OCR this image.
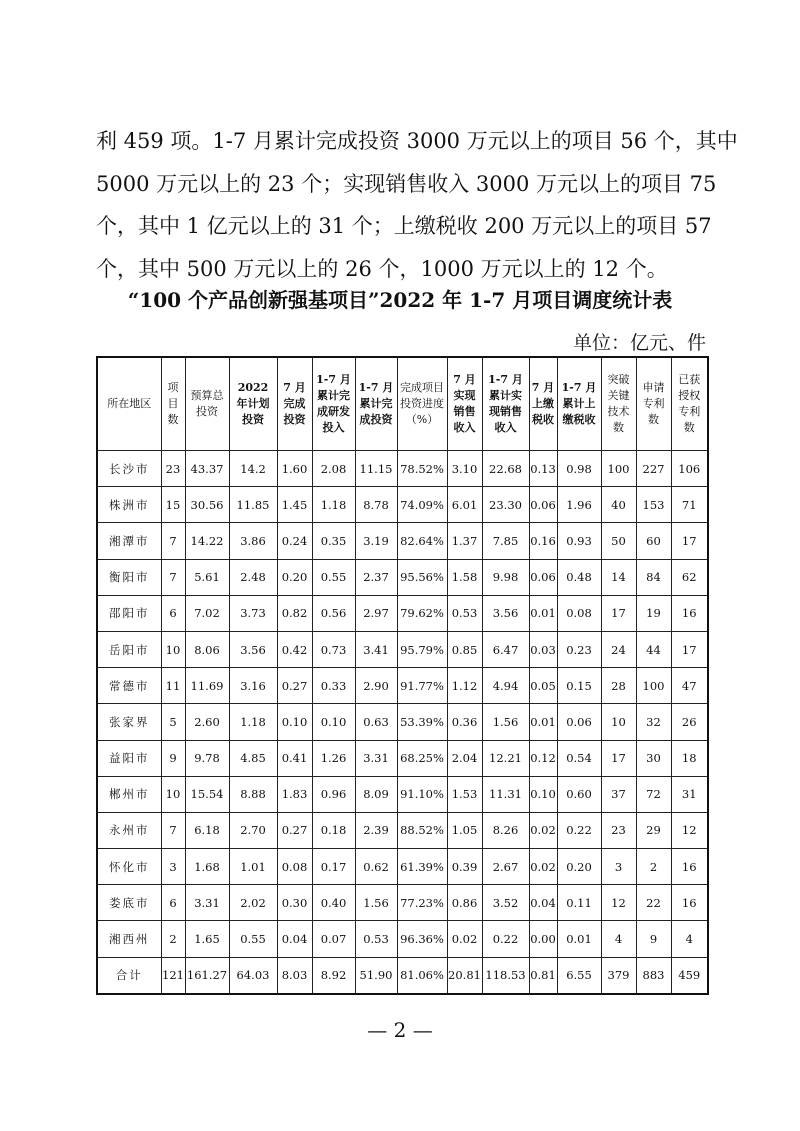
利 459 项。1-7 月累计完成投资 3000 万元以上的项目 56 个，其中

5000 万元以上的 23 个；实现销售收入 3000 万元以上的项目 75

个，其中 1 亿元以上的 31 个；上缴税收 200 万元以上的项目 57

个，其中 500 万元以上的 26 个，1000 万元以上的 12 个。

“100 个产品创新强基项目”2022 年 1-7 月项目调度统计表
单位：亿元、件
所在地区	项目数	预算总投资	2022 年计划投资	7 月完成投资	1-7 月累计完成研发投入	1-7 月累计完成投资	完成项目投资进度（%）	7 月实现销售收入	1-7 月累计实现销售收入	7 月上缴税收	1-7 月累计上缴税收	突破关键技术数	申请专利数	已获授权专利数
长沙市	23	43.37	14.2	1.60	2.08	11.15	78.52%	3.10	22.68	0.13	0.98	100	227	106
株洲市	15	30.56	11.85	1.45	1.18	8.78	74.09%	6.01	23.30	0.06	1.96	40	153	71
湘潭市	7	14.22	3.86	0.24	0.35	3.19	82.64%	1.37	7.85	0.16	0.93	50	60	17
衡阳市	7	5.61	2.48	0.20	0.55	2.37	95.56%	1.58	9.98	0.06	0.48	14	84	62
邵阳市	6	7.02	3.73	0.82	0.56	2.97	79.62%	0.53	3.56	0.01	0.08	17	19	16
岳阳市	10	8.06	3.56	0.42	0.73	3.41	95.79%	0.85	6.47	0.03	0.23	24	44	17
常德市	11	11.69	3.16	0.27	0.33	2.90	91.77%	1.12	4.94	0.05	0.15	28	100	47
张家界	5	2.60	1.18	0.10	0.10	0.63	53.39%	0.36	1.56	0.01	0.06	10	32	26
益阳市	9	9.78	4.85	0.41	1.26	3.31	68.25%	2.04	12.21	0.12	0.54	17	30	18
郴州市	10	15.54	8.88	1.83	0.96	8.09	91.10%	1.53	11.31	0.10	0.60	37	72	31
永州市	7	6.18	2.70	0.27	0.18	2.39	88.52%	1.05	8.26	0.02	0.22	23	29	12
怀化市	3	1.68	1.01	0.08	0.17	0.62	61.39%	0.39	2.67	0.02	0.20	3	2	16
娄底市	6	3.31	2.02	0.30	0.40	1.56	77.23%	0.86	3.52	0.04	0.11	12	22	16
湘西州	2	1.65	0.55	0.04	0.07	0.53	96.36%	0.02	0.22	0.00	0.01	4	9	4
合计	121	161.27	64.03	8.03	8.92	51.90	81.06%	20.81	118.53	0.81	6.55	379	883	459
— 2 —
